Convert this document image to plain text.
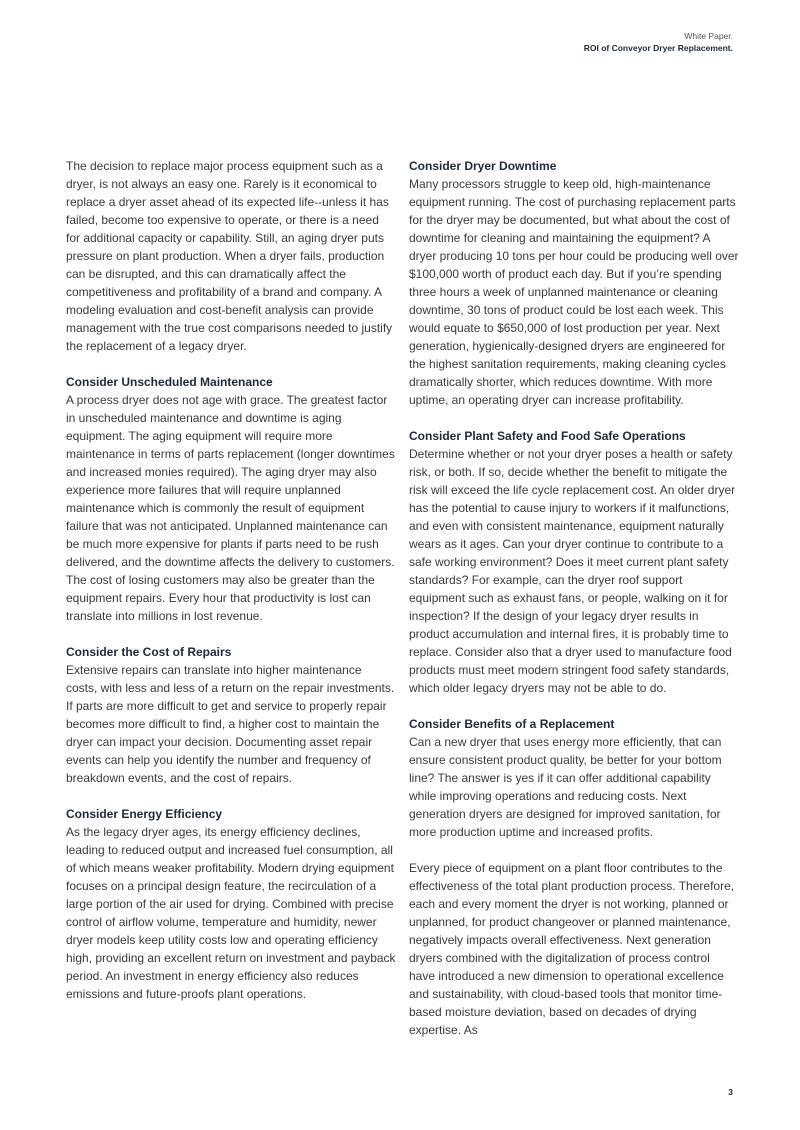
White Paper.
ROI of Conveyor Dryer Replacement.

The decision to replace major process equipment such as a dryer, is not always an easy one. Rarely is it economical to replace a dryer asset ahead of its expected life--unless it has failed, become too expensive to operate, or there is a need for additional capacity or capability. Still, an aging dryer puts pressure on plant production. When a dryer fails, production can be disrupted, and this can dramatically affect the competitiveness and profitability of a brand and company. A modeling evaluation and cost-benefit analysis can provide management with the true cost comparisons needed to justify the replacement of a legacy dryer.

Consider Unscheduled Maintenance

A process dryer does not age with grace. The greatest factor in unscheduled maintenance and downtime is aging equipment. The aging equipment will require more maintenance in terms of parts replacement (longer downtimes and increased monies required). The aging dryer may also experience more failures that will require unplanned maintenance which is commonly the result of equipment failure that was not anticipated. Unplanned maintenance can be much more expensive for plants if parts need to be rush delivered, and the downtime affects the delivery to customers. The cost of losing customers may also be greater than the equipment repairs. Every hour that productivity is lost can translate into millions in lost revenue.

Consider the Cost of Repairs

Extensive repairs can translate into higher maintenance costs, with less and less of a return on the repair investments. If parts are more difficult to get and service to properly repair becomes more difficult to find, a higher cost to maintain the dryer can impact your decision. Documenting asset repair events can help you identify the number and frequency of breakdown events, and the cost of repairs.

Consider Energy Efficiency

As the legacy dryer ages, its energy efficiency declines, leading to reduced output and increased fuel consumption, all of which means weaker profitability. Modern drying equipment focuses on a principal design feature, the recirculation of a large portion of the air used for drying. Combined with precise control of airflow volume, temperature and humidity, newer dryer models keep utility costs low and operating efficiency high, providing an excellent return on investment and payback period. An investment in energy efficiency also reduces emissions and future-proofs plant operations.

Consider Dryer Downtime

Many processors struggle to keep old, high-maintenance equipment running. The cost of purchasing replacement parts for the dryer may be documented, but what about the cost of downtime for cleaning and maintaining the equipment? A dryer producing 10 tons per hour could be producing well over $100,000 worth of product each day. But if you’re spending three hours a week of unplanned maintenance or cleaning downtime, 30 tons of product could be lost each week. This would equate to $650,000 of lost production per year. Next generation, hygienically-designed dryers are engineered for the highest sanitation requirements, making cleaning cycles dramatically shorter, which reduces downtime. With more uptime, an operating dryer can increase profitability.

Consider Plant Safety and Food Safe Operations

Determine whether or not your dryer poses a health or safety risk, or both. If so, decide whether the benefit to mitigate the risk will exceed the life cycle replacement cost. An older dryer has the potential to cause injury to workers if it malfunctions, and even with consistent maintenance, equipment naturally wears as it ages. Can your dryer continue to contribute to a safe working environment? Does it meet current plant safety standards? For example, can the dryer roof support equipment such as exhaust fans, or people, walking on it for inspection? If the design of your legacy dryer results in product accumulation and internal fires, it is probably time to replace. Consider also that a dryer used to manufacture food products must meet modern stringent food safety standards, which older legacy dryers may not be able to do.

Consider Benefits of a Replacement

Can a new dryer that uses energy more efficiently, that can ensure consistent product quality, be better for your bottom line? The answer is yes if it can offer additional capability while improving operations and reducing costs. Next generation dryers are designed for improved sanitation, for more production uptime and increased profits.

Every piece of equipment on a plant floor contributes to the effectiveness of the total plant production process. Therefore, each and every moment the dryer is not working, planned or unplanned, for product changeover or planned maintenance, negatively impacts overall effectiveness. Next generation dryers combined with the digitalization of process control have introduced a new dimension to operational excellence and sustainability, with cloud-based tools that monitor time-based moisture deviation, based on decades of drying expertise. As

3
